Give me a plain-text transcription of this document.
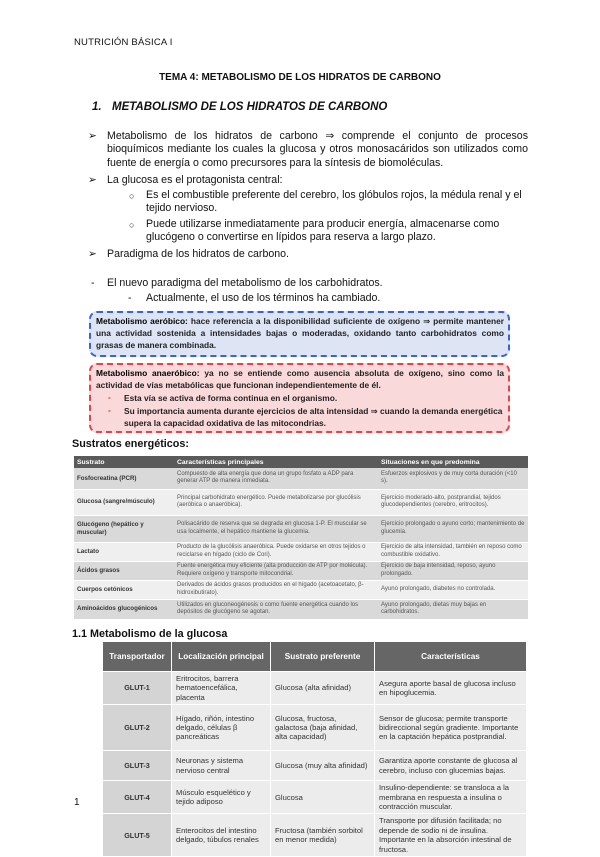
NUTRICIÓN BÁSICA I
TEMA 4: METABOLISMO DE LOS HIDRATOS DE CARBONO
1. METABOLISMO DE LOS HIDRATOS DE CARBONO
➢ Metabolismo de los hidratos de carbono ⇒ comprende el conjunto de procesos bioquímicos mediante los cuales la glucosa y otros monosacáridos son utilizados como fuente de energía o como precursores para la síntesis de biomoléculas.
➢ La glucosa es el protagonista central:
○ Es el combustible preferente del cerebro, los glóbulos rojos, la médula renal y el tejido nervioso.
○ Puede utilizarse inmediatamente para producir energía, almacenarse como glucógeno o convertirse en lípidos para reserva a largo plazo.
➢ Paradigma de los hidratos de carbono.
- El nuevo paradigma del metabolismo de los carbohidratos.
- Actualmente, el uso de los términos ha cambiado.
Metabolismo aeróbico: hace referencia a la disponibilidad suficiente de oxígeno ⇒ permite mantener una actividad sostenida a intensidades bajas o moderadas, oxidando tanto carbohidratos como grasas de manera combinada.
Metabolismo anaeróbico: ya no se entiende como ausencia absoluta de oxígeno, sino como la actividad de vías metabólicas que funcionan independientemente de él.
- Esta vía se activa de forma continua en el organismo.
- Su importancia aumenta durante ejercicios de alta intensidad ⇒ cuando la demanda energética supera la capacidad oxidativa de las mitocondrias.
Sustratos energéticos:
Sustrato	Características principales	Situaciones en que predomina
Fosfocreatina (PCR)	Compuesto de alta energía que dona un grupo fosfato a ADP para generar ATP de manera inmediata.	Esfuerzos explosivos y de muy corta duración (<10 s).
Glucosa (sangre/músculo)	Principal carbohidrato energético. Puede metabolizarse por glucólisis (aeróbica o anaeróbica).	Ejercicio moderado-alto, postprandial, tejidos glucodependientes (cerebro, eritrocitos).
Glucógeno (hepático y muscular)	Polisacárido de reserva que se degrada en glucosa 1-P. El muscular se usa localmente, el hepático mantiene la glucemia.	Ejercicio prolongado o ayuno corto; mantenimiento de glucemia.
Lactato	Producto de la glucólisis anaeróbica. Puede oxidarse en otros tejidos o reciclarse en hígado (ciclo de Cori).	Ejercicio de alta intensidad, también en reposo como combustible oxidativo.
Ácidos grasos	Fuente energética muy eficiente (alta producción de ATP por molécula). Requiere oxígeno y transporte mitocondrial.	Ejercicio de baja intensidad, reposo, ayuno prolongado.
Cuerpos cetónicos	Derivados de ácidos grasos producidos en el hígado (acetoacetato, β-hidroxibutirato).	Ayuno prolongado, diabetes no controlada.
Aminoácidos glucogénicos	Utilizados en gluconeogénesis o como fuente energética cuando los depósitos de glucógeno se agotan.	Ayuno prolongado, dietas muy bajas en carbohidratos.
1.1 Metabolismo de la glucosa
Transportador	Localización principal	Sustrato preferente	Características
GLUT-1	Eritrocitos, barrera hematoencefálica, placenta	Glucosa (alta afinidad)	Asegura aporte basal de glucosa incluso en hipoglucemia.
GLUT-2	Hígado, riñón, intestino delgado, células β pancreáticas	Glucosa, fructosa, galactosa (baja afinidad, alta capacidad)	Sensor de glucosa; permite transporte bidireccional según gradiente. Importante en la captación hepática postprandial.
GLUT-3	Neuronas y sistema nervioso central	Glucosa (muy alta afinidad)	Garantiza aporte constante de glucosa al cerebro, incluso con glucemias bajas.
GLUT-4	Músculo esquelético y tejido adiposo	Glucosa	Insulino-dependiente: se transloca a la membrana en respuesta a insulina o contracción muscular.
GLUT-5	Enterocitos del intestino delgado, túbulos renales	Fructosa (también sorbitol en menor medida)	Transporte por difusión facilitada; no depende de sodio ni de insulina. Importante en la absorción intestinal de fructosa.
1
